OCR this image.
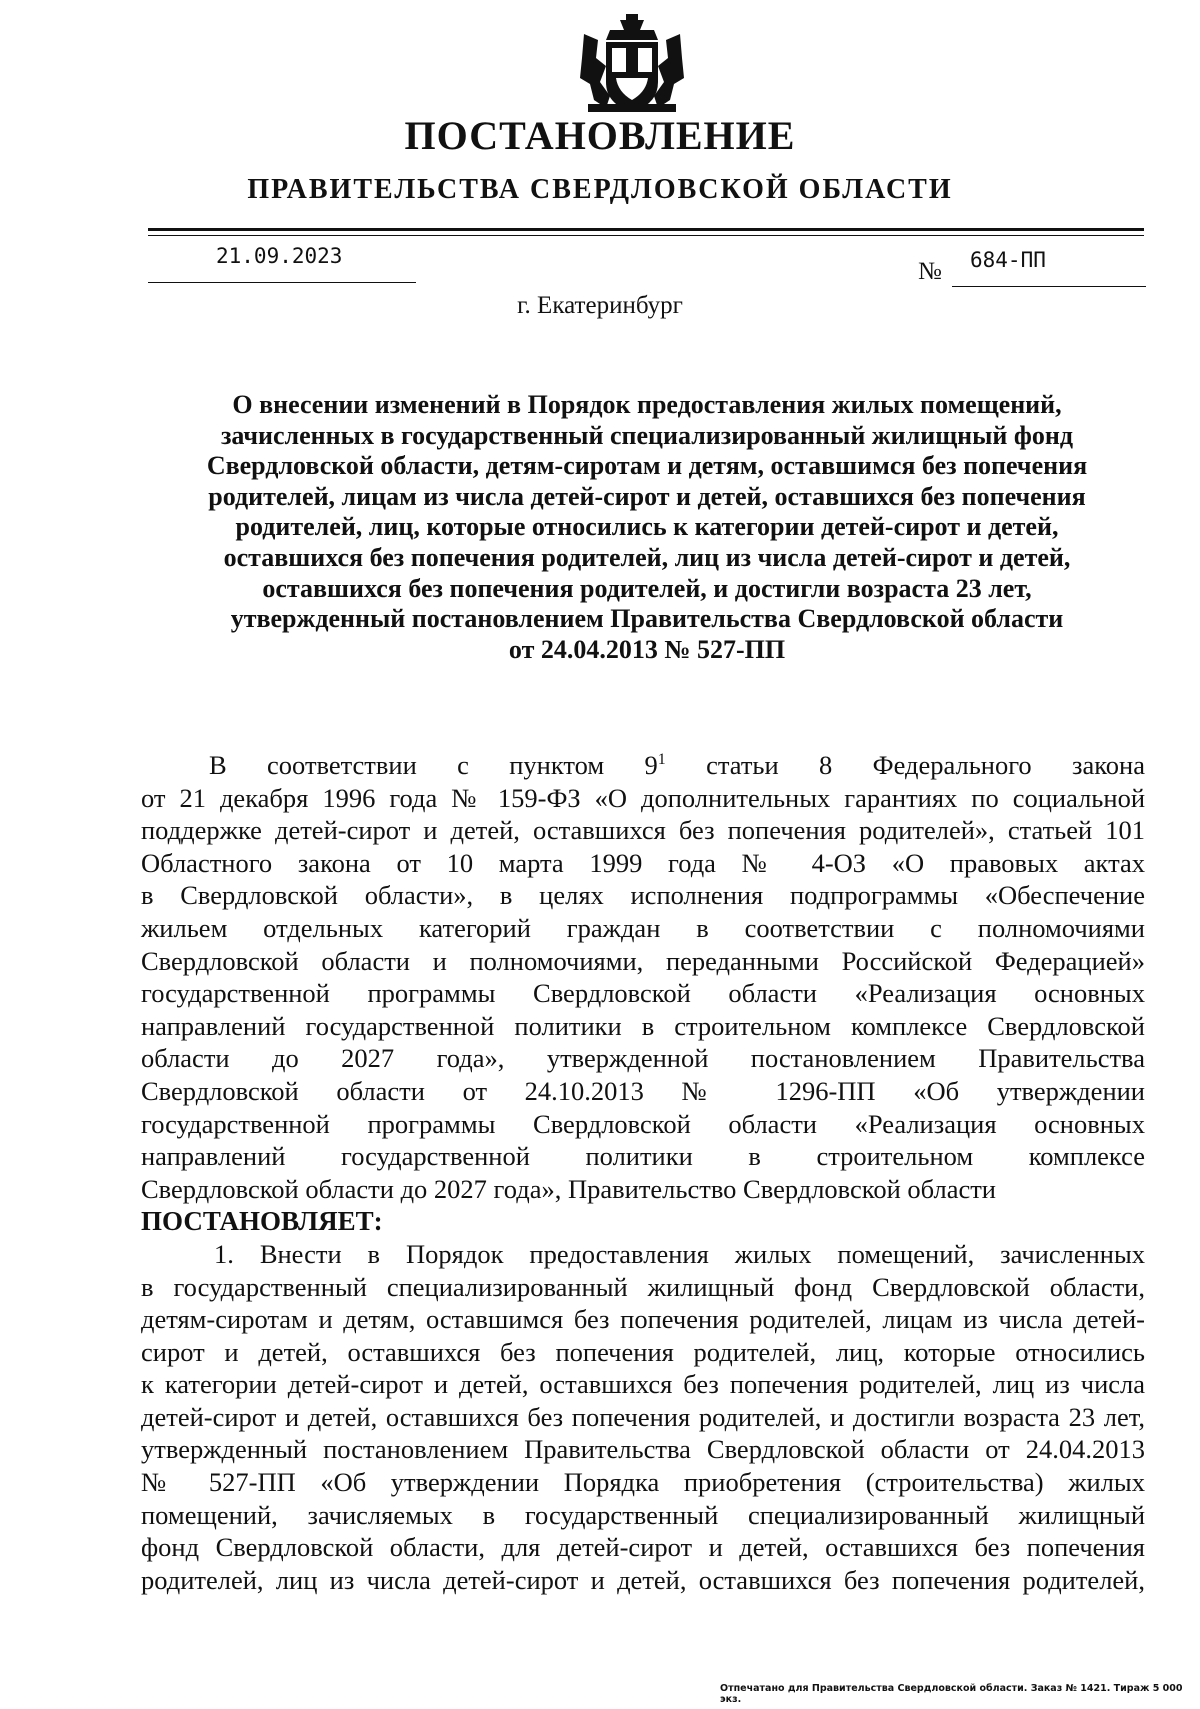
ПОСТАНОВЛЕНИЕ
ПРАВИТЕЛЬСТВА СВЕРДЛОВСКОЙ ОБЛАСТИ
21.09.2023
№ 684-ПП
г. Екатеринбург
О внесении изменений в Порядок предоставления жилых помещений,
зачисленных в государственный специализированный жилищный фонд
Свердловской области, детям-сиротам и детям, оставшимся без попечения
родителей, лицам из числа детей-сирот и детей, оставшихся без попечения
родителей, лиц, которые относились к категории детей-сирот и детей,
оставшихся без попечения родителей, лиц из числа детей-сирот и детей,
оставшихся без попечения родителей, и достигли возраста 23 лет,
утвержденный постановлением Правительства Свердловской области
от 24.04.2013 № 527-ПП
В соответствии с пунктом $9^1$ статьи 8 Федерального закона
от 21 декабря 1996 года № 159-ФЗ «О дополнительных гарантиях по социальной
поддержке детей-сирот и детей, оставшихся без попечения родителей», статьей 101
Областного закона от 10 марта 1999 года № 4-ОЗ «О правовых актах
в Свердловской области», в целях исполнения подпрограммы «Обеспечение
жильем отдельных категорий граждан в соответствии с полномочиями
Свердловской области и полномочиями, переданными Российской Федерацией»
государственной программы Свердловской области «Реализация основных
направлений государственной политики в строительном комплексе Свердловской
области до 2027 года», утвержденной постановлением Правительства
Свердловской области от 24.10.2013 № 1296-ПП «Об утверждении
государственной программы Свердловской области «Реализация основных
направлений государственной политики в строительном комплексе
Свердловской области до 2027 года», Правительство Свердловской области
ПОСТАНОВЛЯЕТ:
1. Внести в Порядок предоставления жилых помещений, зачисленных
в государственный специализированный жилищный фонд Свердловской области,
детям-сиротам и детям, оставшимся без попечения родителей, лицам из числа детей-
сирот и детей, оставшихся без попечения родителей, лиц, которые относились
к категории детей-сирот и детей, оставшихся без попечения родителей, лиц из числа
детей-сирот и детей, оставшихся без попечения родителей, и достигли возраста 23 лет,
утвержденный постановлением Правительства Свердловской области от 24.04.2013
№ 527-ПП «Об утверждении Порядка приобретения (строительства) жилых
помещений, зачисляемых в государственный специализированный жилищный
фонд Свердловской области, для детей-сирот и детей, оставшихся без попечения
родителей, лиц из числа детей-сирот и детей, оставшихся без попечения родителей,
Отпечатано для Правительства Свердловской области. Заказ № 1421. Тираж 5 000 экз.
